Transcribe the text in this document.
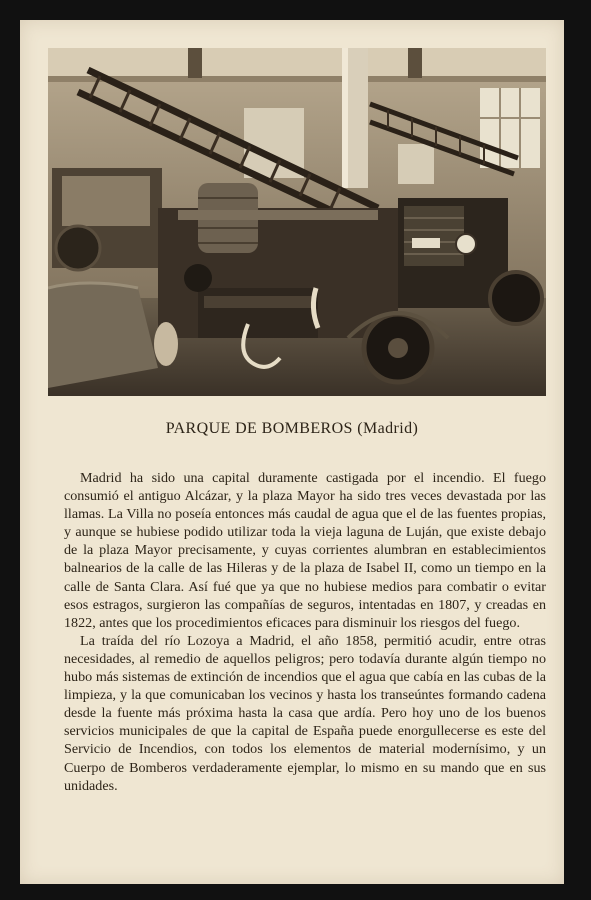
PARQUE DE BOMBEROS (Madrid)

Madrid ha sido una capital duramente castigada por el incendio. El fuego consumió el antiguo Alcázar, y la plaza Mayor ha sido tres veces devastada por las llamas. La Villa no poseía entonces más caudal de agua que el de las fuentes propias, y aunque se hubiese podido utilizar toda la vieja laguna de Luján, que existe debajo de la plaza Mayor precisamente, y cuyas corrientes alumbran en establecimientos balnearios de la calle de las Hileras y de la plaza de Isabel II, como un tiempo en la calle de Santa Clara. Así fué que ya que no hubiese medios para combatir o evitar esos estragos, surgieron las compañías de seguros, intentadas en 1807, y creadas en 1822, antes que los procedimientos eficaces para disminuir los riesgos del fuego.

La traída del río Lozoya a Madrid, el año 1858, permitió acudir, entre otras necesidades, al remedio de aquellos peligros; pero todavía durante algún tiempo no hubo más sistemas de extinción de incendios que el agua que cabía en las cubas de la limpieza, y la que comunicaban los vecinos y hasta los transeúntes formando cadena desde la fuente más próxima hasta la casa que ardía. Pero hoy uno de los buenos servicios municipales de que la capital de España puede enorgullecerse es este del Servicio de Incendios, con todos los elementos de material modernísimo, y un Cuerpo de Bomberos verdaderamente ejemplar, lo mismo en su mando que en sus unidades.
